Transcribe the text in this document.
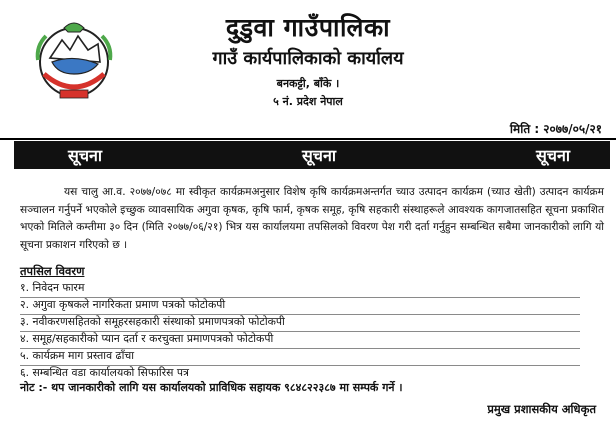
दुडुवा गाउँपालिका
गाउँ कार्यपालिकाको कार्यालय
बनकट्टी, बाँके ।
५ नं. प्रदेश नेपाल
मिति : २०७७/०५/२१
सूचना	सूचना	सूचना

यस चालु आ.व. २०७७/०७८ मा स्वीकृत कार्यक्रमअनुसार विशेष कृषि कार्यक्रमअन्तर्गत च्याउ उत्पादन कार्यक्रम (च्याउ खेती) उत्पादन कार्यक्रम सञ्चालन गर्नुपर्ने भएकोले इच्छुक व्यावसायिक अगुवा कृषक, कृषि फार्म, कृषक समूह, कृषि सहकारी संस्थाहरूले आवश्यक कागजातसहित सूचना प्रकाशित भएको मितिले कम्तीमा ३० दिन (मिति २०७७/०६/२१) भित्र यस कार्यालयमा तपसिलको विवरण पेश गरी दर्ता गर्नुहुन सम्बन्धित सबैमा जानकारीको लागि यो सूचना प्रकाशन गरिएको छ ।

तपसिल विवरण
१. निवेदन फारम
२. अगुवा कृषकले नागरिकता प्रमाण पत्रको फोटोकपी
३. नवीकरणसहितको समूहरसहकारी संस्थाको प्रमाणपत्रको फोटोकपी
४. समूह/सहकारीको प्यान दर्ता र करचुक्ता प्रमाणपत्रको फोटोकपी
५. कार्यक्रम माग प्रस्ताव ढाँचा
६. सम्बन्धित वडा कार्यालयको सिफारिस पत्र
नोट :- थप जानकारीको लागि यस कार्यालयको प्राविधिक सहायक ९८४८२२३८७ मा सम्पर्क गर्ने ।
प्रमुख प्रशासकीय अधिकृत
